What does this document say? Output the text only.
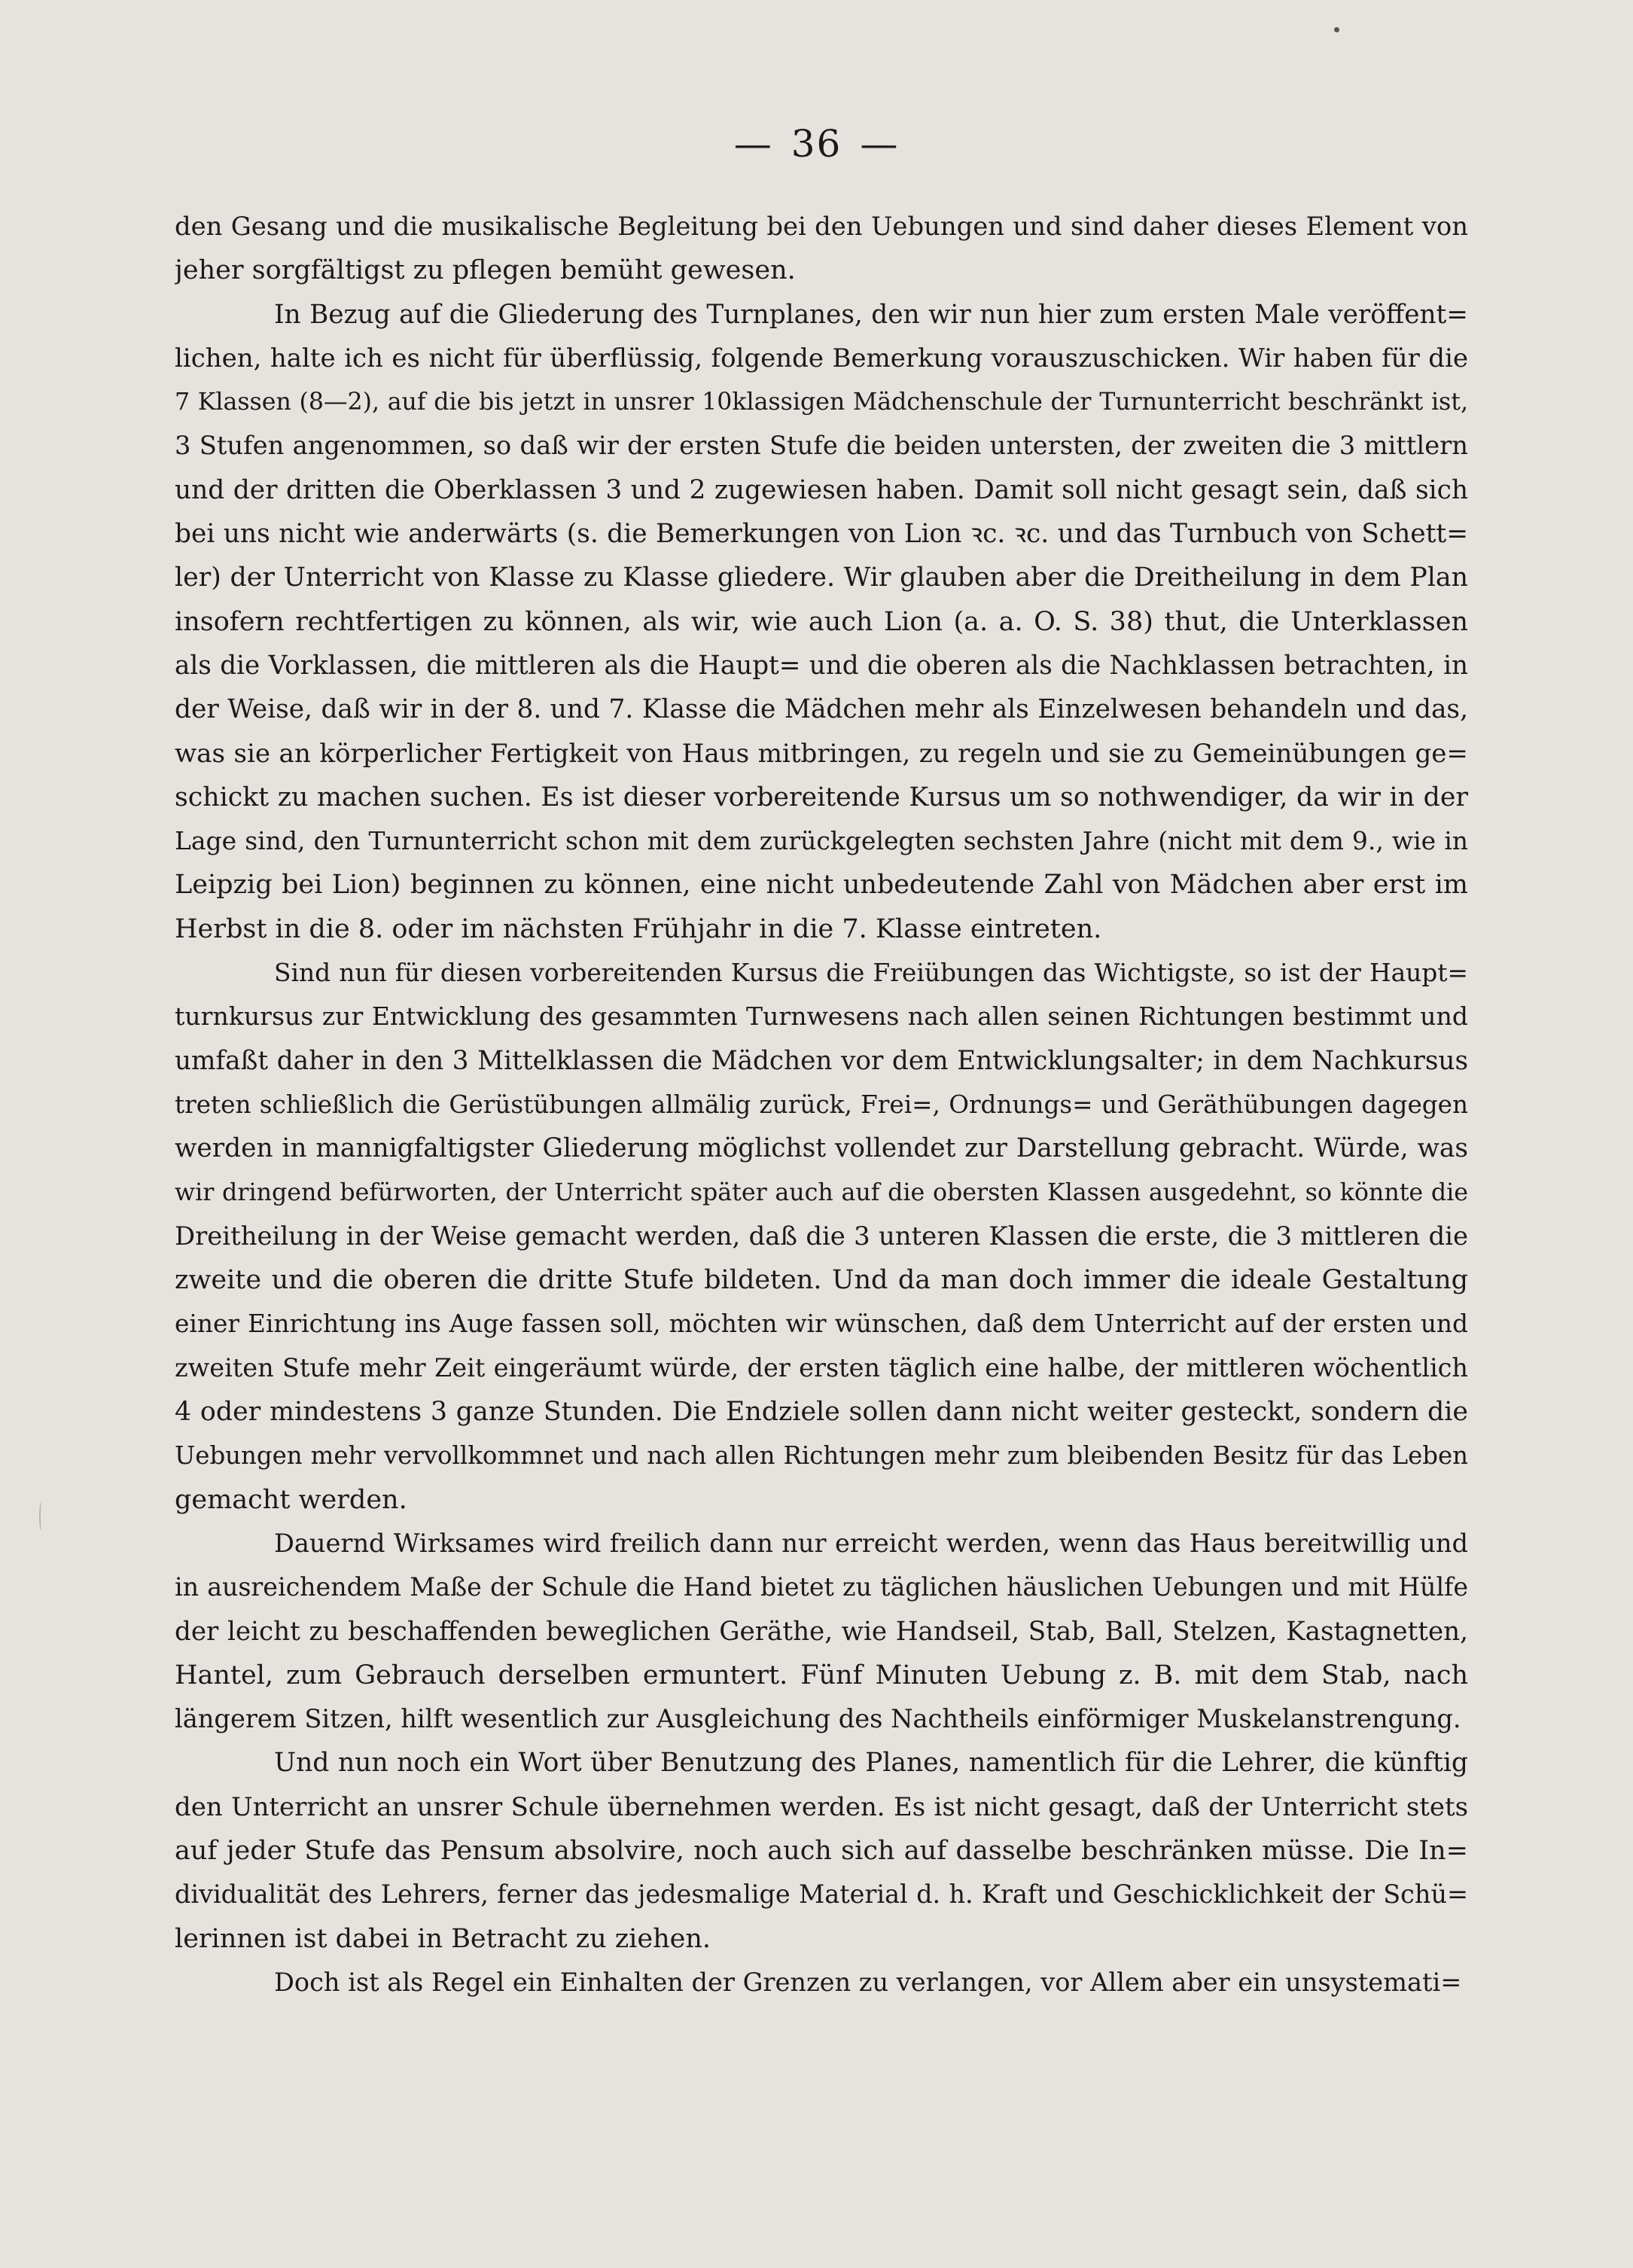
— 36 —

den Gesang und die musikalische Begleitung bei den Uebungen und sind daher dieses Element von
jeher sorgfältigst zu pflegen bemüht gewesen.

In Bezug auf die Gliederung des Turnplanes, den wir nun hier zum ersten Male veröffent=
lichen, halte ich es nicht für überflüssig, folgende Bemerkung vorauszuschicken. Wir haben für die
7 Klassen (8—2), auf die bis jetzt in unsrer 10klassigen Mädchenschule der Turnunterricht beschränkt ist,
3 Stufen angenommen, so daß wir der ersten Stufe die beiden untersten, der zweiten die 3 mittlern
und der dritten die Oberklassen 3 und 2 zugewiesen haben. Damit soll nicht gesagt sein, daß sich
bei uns nicht wie anderwärts (s. die Bemerkungen von Lion ꝛc. ꝛc. und das Turnbuch von Schett=
ler) der Unterricht von Klasse zu Klasse gliedere. Wir glauben aber die Dreitheilung in dem Plan
insofern rechtfertigen zu können, als wir, wie auch Lion (a. a. O. S. 38) thut, die Unterklassen
als die Vorklassen, die mittleren als die Haupt= und die oberen als die Nachklassen betrachten, in
der Weise, daß wir in der 8. und 7. Klasse die Mädchen mehr als Einzelwesen behandeln und das,
was sie an körperlicher Fertigkeit von Haus mitbringen, zu regeln und sie zu Gemeinübungen ge=
schickt zu machen suchen. Es ist dieser vorbereitende Kursus um so nothwendiger, da wir in der
Lage sind, den Turnunterricht schon mit dem zurückgelegten sechsten Jahre (nicht mit dem 9., wie in
Leipzig bei Lion) beginnen zu können, eine nicht unbedeutende Zahl von Mädchen aber erst im
Herbst in die 8. oder im nächsten Frühjahr in die 7. Klasse eintreten.

Sind nun für diesen vorbereitenden Kursus die Freiübungen das Wichtigste, so ist der Haupt=
turnkursus zur Entwicklung des gesammten Turnwesens nach allen seinen Richtungen bestimmt und
umfaßt daher in den 3 Mittelklassen die Mädchen vor dem Entwicklungsalter; in dem Nachkursus
treten schließlich die Gerüstübungen allmälig zurück, Frei=, Ordnungs= und Geräthübungen dagegen
werden in mannigfaltigster Gliederung möglichst vollendet zur Darstellung gebracht. Würde, was
wir dringend befürworten, der Unterricht später auch auf die obersten Klassen ausgedehnt, so könnte die
Dreitheilung in der Weise gemacht werden, daß die 3 unteren Klassen die erste, die 3 mittleren die
zweite und die oberen die dritte Stufe bildeten. Und da man doch immer die ideale Gestaltung
einer Einrichtung ins Auge fassen soll, möchten wir wünschen, daß dem Unterricht auf der ersten und
zweiten Stufe mehr Zeit eingeräumt würde, der ersten täglich eine halbe, der mittleren wöchentlich
4 oder mindestens 3 ganze Stunden. Die Endziele sollen dann nicht weiter gesteckt, sondern die
Uebungen mehr vervollkommnet und nach allen Richtungen mehr zum bleibenden Besitz für das Leben
gemacht werden.

Dauernd Wirksames wird freilich dann nur erreicht werden, wenn das Haus bereitwillig und
in ausreichendem Maße der Schule die Hand bietet zu täglichen häuslichen Uebungen und mit Hülfe
der leicht zu beschaffenden beweglichen Geräthe, wie Handseil, Stab, Ball, Stelzen, Kastagnetten,
Hantel, zum Gebrauch derselben ermuntert. Fünf Minuten Uebung z. B. mit dem Stab, nach
längerem Sitzen, hilft wesentlich zur Ausgleichung des Nachtheils einförmiger Muskelanstrengung.

Und nun noch ein Wort über Benutzung des Planes, namentlich für die Lehrer, die künftig
den Unterricht an unsrer Schule übernehmen werden. Es ist nicht gesagt, daß der Unterricht stets
auf jeder Stufe das Pensum absolvire, noch auch sich auf dasselbe beschränken müsse. Die In=
dividualität des Lehrers, ferner das jedesmalige Material d. h. Kraft und Geschicklichkeit der Schü=
lerinnen ist dabei in Betracht zu ziehen.

Doch ist als Regel ein Einhalten der Grenzen zu verlangen, vor Allem aber ein unsystemati=
